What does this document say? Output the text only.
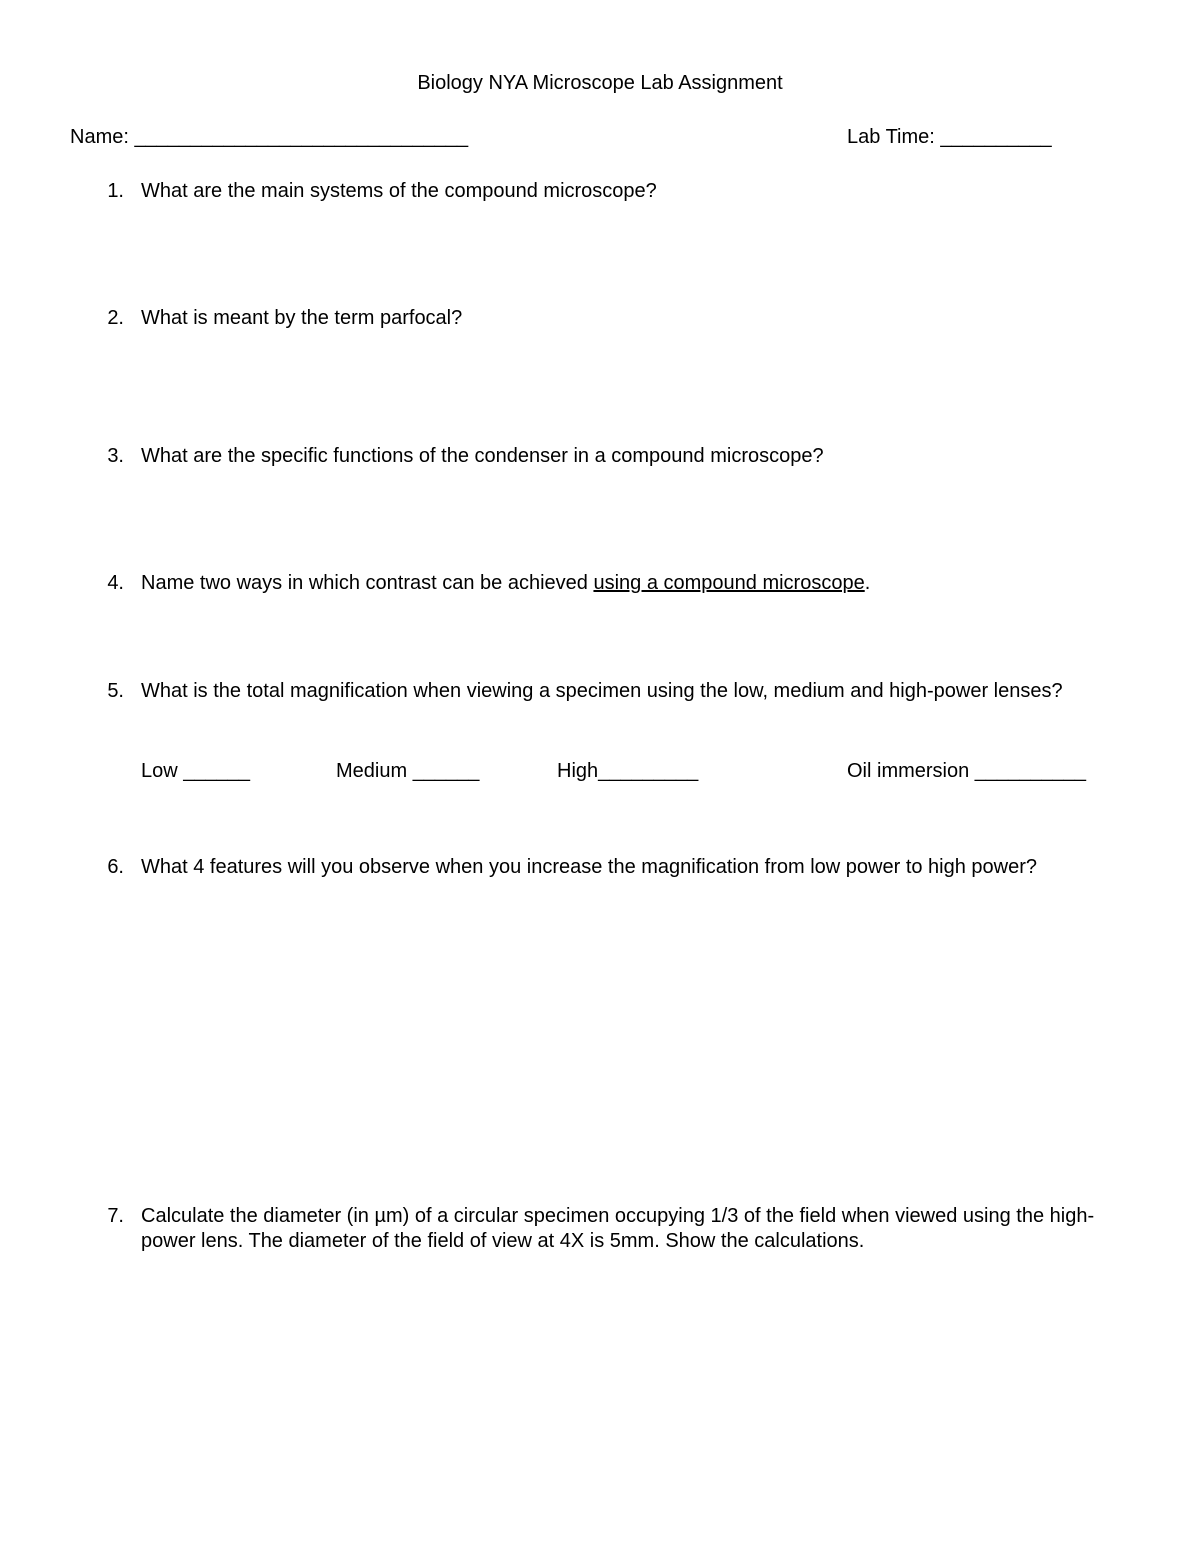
Biology NYA Microscope Lab Assignment
Name: ______________________________	Lab Time: __________
1. What are the main systems of the compound microscope?
2. What is meant by the term parfocal?
3. What are the specific functions of the condenser in a compound microscope?
4. Name two ways in which contrast can be achieved using a compound microscope.
5. What is the total magnification when viewing a specimen using the low, medium and high-power lenses?
Low ______	Medium ______	High_________	Oil immersion __________
6. What 4 features will you observe when you increase the magnification from low power to high power?
7. Calculate the diameter (in µm) of a circular specimen occupying 1/3 of the field when viewed using the high-power lens. The diameter of the field of view at 4X is 5mm. Show the calculations.
